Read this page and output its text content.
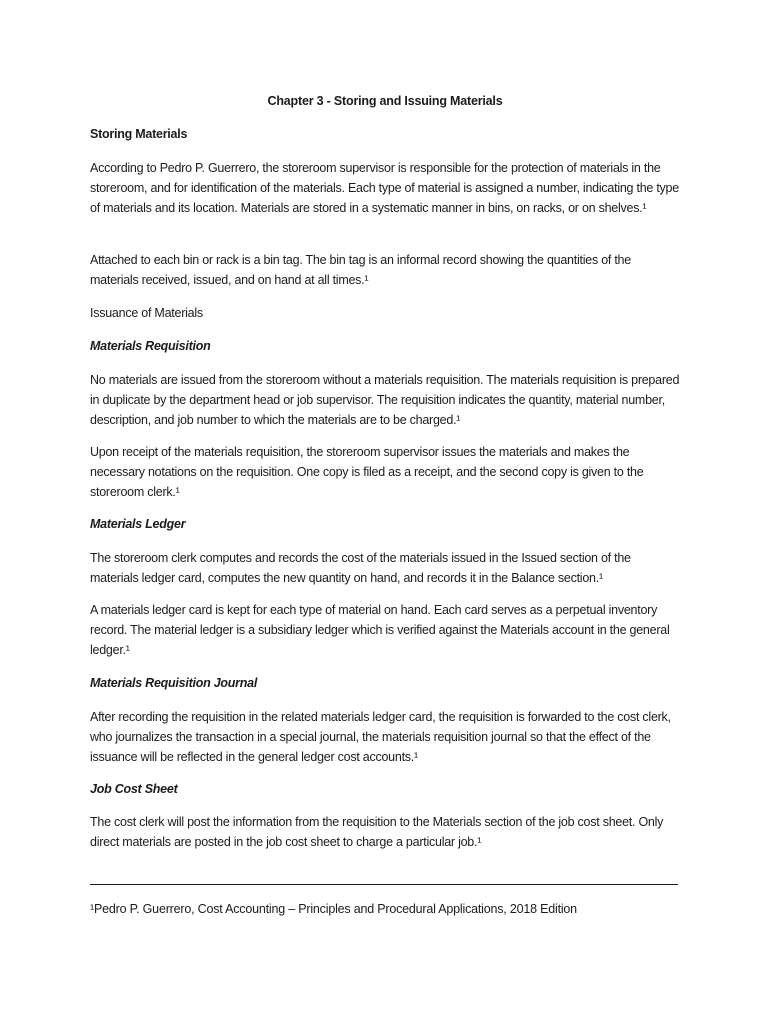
Chapter 3 - Storing and Issuing Materials
Storing Materials
According to Pedro P. Guerrero, the storeroom supervisor is responsible for the protection of materials in the storeroom, and for identification of the materials. Each type of material is assigned a number, indicating the type of materials and its location. Materials are stored in a systematic manner in bins, on racks, or on shelves.¹
Attached to each bin or rack is a bin tag. The bin tag is an informal record showing the quantities of the materials received, issued, and on hand at all times.¹
Issuance of Materials
Materials Requisition
No materials are issued from the storeroom without a materials requisition. The materials requisition is prepared in duplicate by the department head or job supervisor. The requisition indicates the quantity, material number, description, and job number to which the materials are to be charged.¹
Upon receipt of the materials requisition, the storeroom supervisor issues the materials and makes the necessary notations on the requisition. One copy is filed as a receipt, and the second copy is given to the storeroom clerk.¹
Materials Ledger
The storeroom clerk computes and records the cost of the materials issued in the Issued section of the materials ledger card, computes the new quantity on hand, and records it in the Balance section.¹
A materials ledger card is kept for each type of material on hand. Each card serves as a perpetual inventory record. The material ledger is a subsidiary ledger which is verified against the Materials account in the general ledger.¹
Materials Requisition Journal
After recording the requisition in the related materials ledger card, the requisition is forwarded to the cost clerk, who journalizes the transaction in a special journal, the materials requisition journal so that the effect of the issuance will be reflected in the general ledger cost accounts.¹
Job Cost Sheet
The cost clerk will post the information from the requisition to the Materials section of the job cost sheet. Only direct materials are posted in the job cost sheet to charge a particular job.¹
¹Pedro P. Guerrero, Cost Accounting – Principles and Procedural Applications, 2018 Edition
